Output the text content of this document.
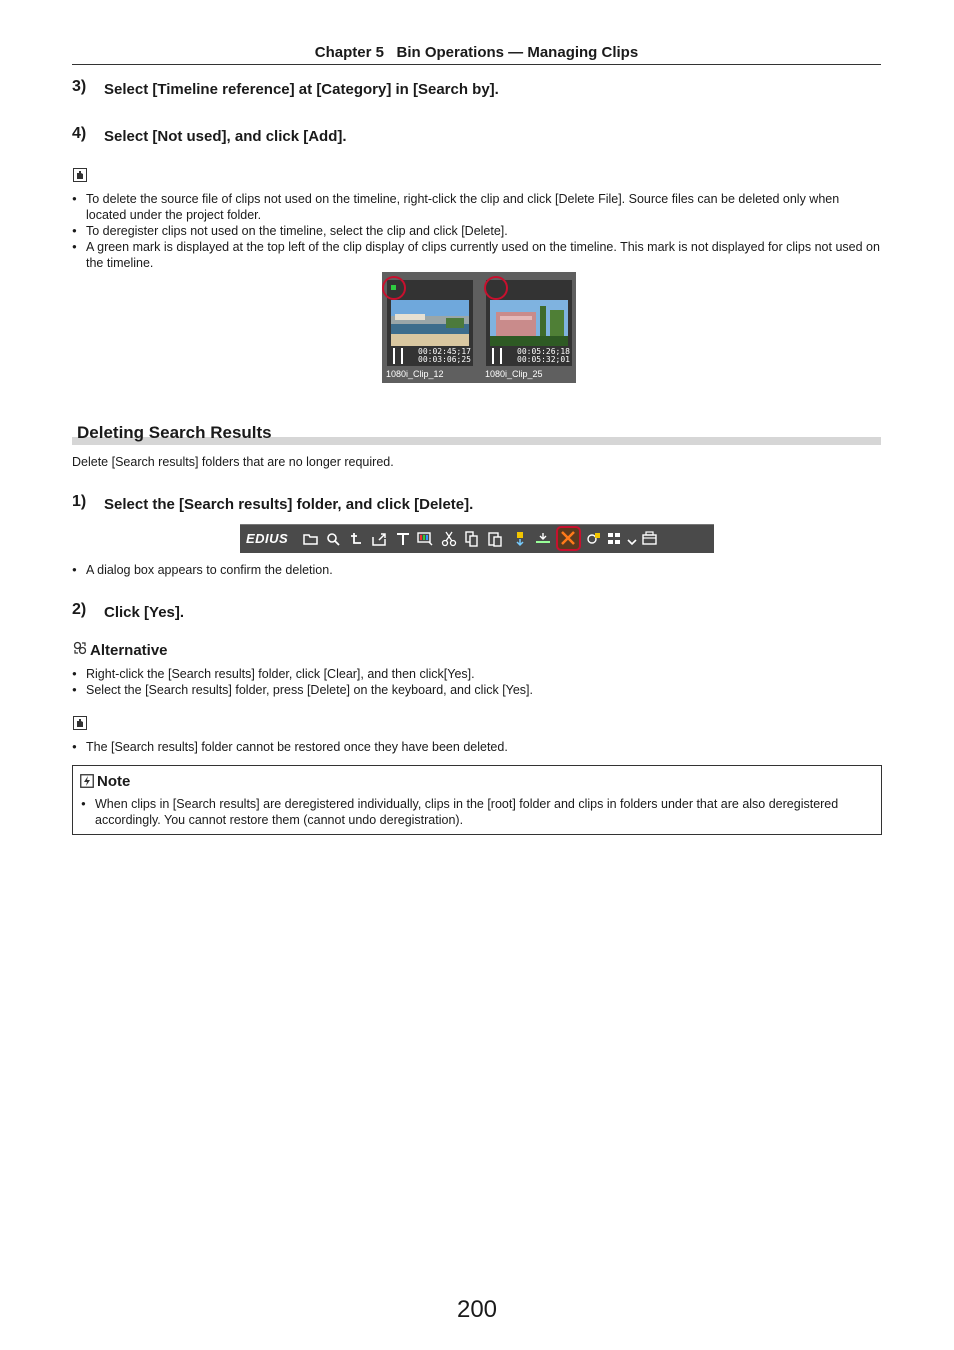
Chapter 5 Bin Operations — Managing Clips
3) Select [Timeline reference] at [Category] in [Search by].
4) Select [Not used], and click [Add].
● To delete the source file of clips not used on the timeline, right-click the clip and click [Delete File]. Source files can be deleted only when located under the project folder.
● To deregister clips not used on the timeline, select the clip and click [Delete].
● A green mark is displayed at the top left of the clip display of clips currently used on the timeline. This mark is not displayed for clips not used on the timeline.
00:02:45;17
00:03:06;25
00:05:26;18
00:05:32;01
1080i_Clip_12	1080i_Clip_25
Deleting Search Results
Delete [Search results] folders that are no longer required.
1) Select the [Search results] folder, and click [Delete].
EDIUS
● A dialog box appears to confirm the deletion.
2) Click [Yes].
Alternative
● Right-click the [Search results] folder, click [Clear], and then click[Yes].
● Select the [Search results] folder, press [Delete] on the keyboard, and click [Yes].
● The [Search results] folder cannot be restored once they have been deleted.
Note
● When clips in [Search results] are deregistered individually, clips in the [root] folder and clips in folders under that are also deregistered accordingly. You cannot restore them (cannot undo deregistration).
200
